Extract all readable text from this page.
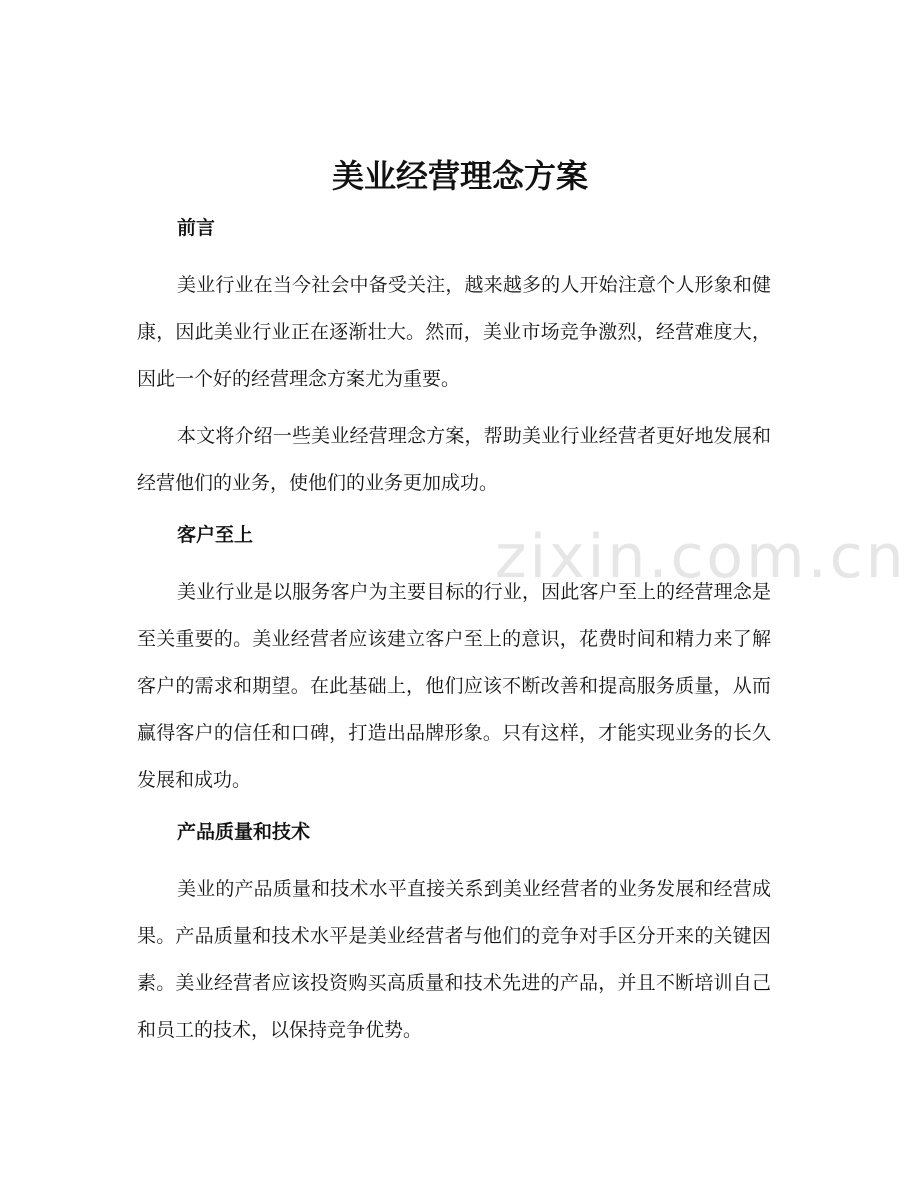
zixin.com.cn
美业经营理念方案
前言

美业行业在当今社会中备受关注，越来越多的人开始注意个人形象和健康，因此美业行业正在逐渐壮大。然而，美业市场竞争激烈，经营难度大，因此一个好的经营理念方案尤为重要。

本文将介绍一些美业经营理念方案，帮助美业行业经营者更好地发展和经营他们的业务，使他们的业务更加成功。

客户至上

美业行业是以服务客户为主要目标的行业，因此客户至上的经营理念是至关重要的。美业经营者应该建立客户至上的意识，花费时间和精力来了解客户的需求和期望。在此基础上，他们应该不断改善和提高服务质量，从而赢得客户的信任和口碑，打造出品牌形象。只有这样，才能实现业务的长久发展和成功。

产品质量和技术

美业的产品质量和技术水平直接关系到美业经营者的业务发展和经营成果。产品质量和技术水平是美业经营者与他们的竞争对手区分开来的关键因素。美业经营者应该投资购买高质量和技术先进的产品，并且不断培训自己和员工的技术，以保持竞争优势。
